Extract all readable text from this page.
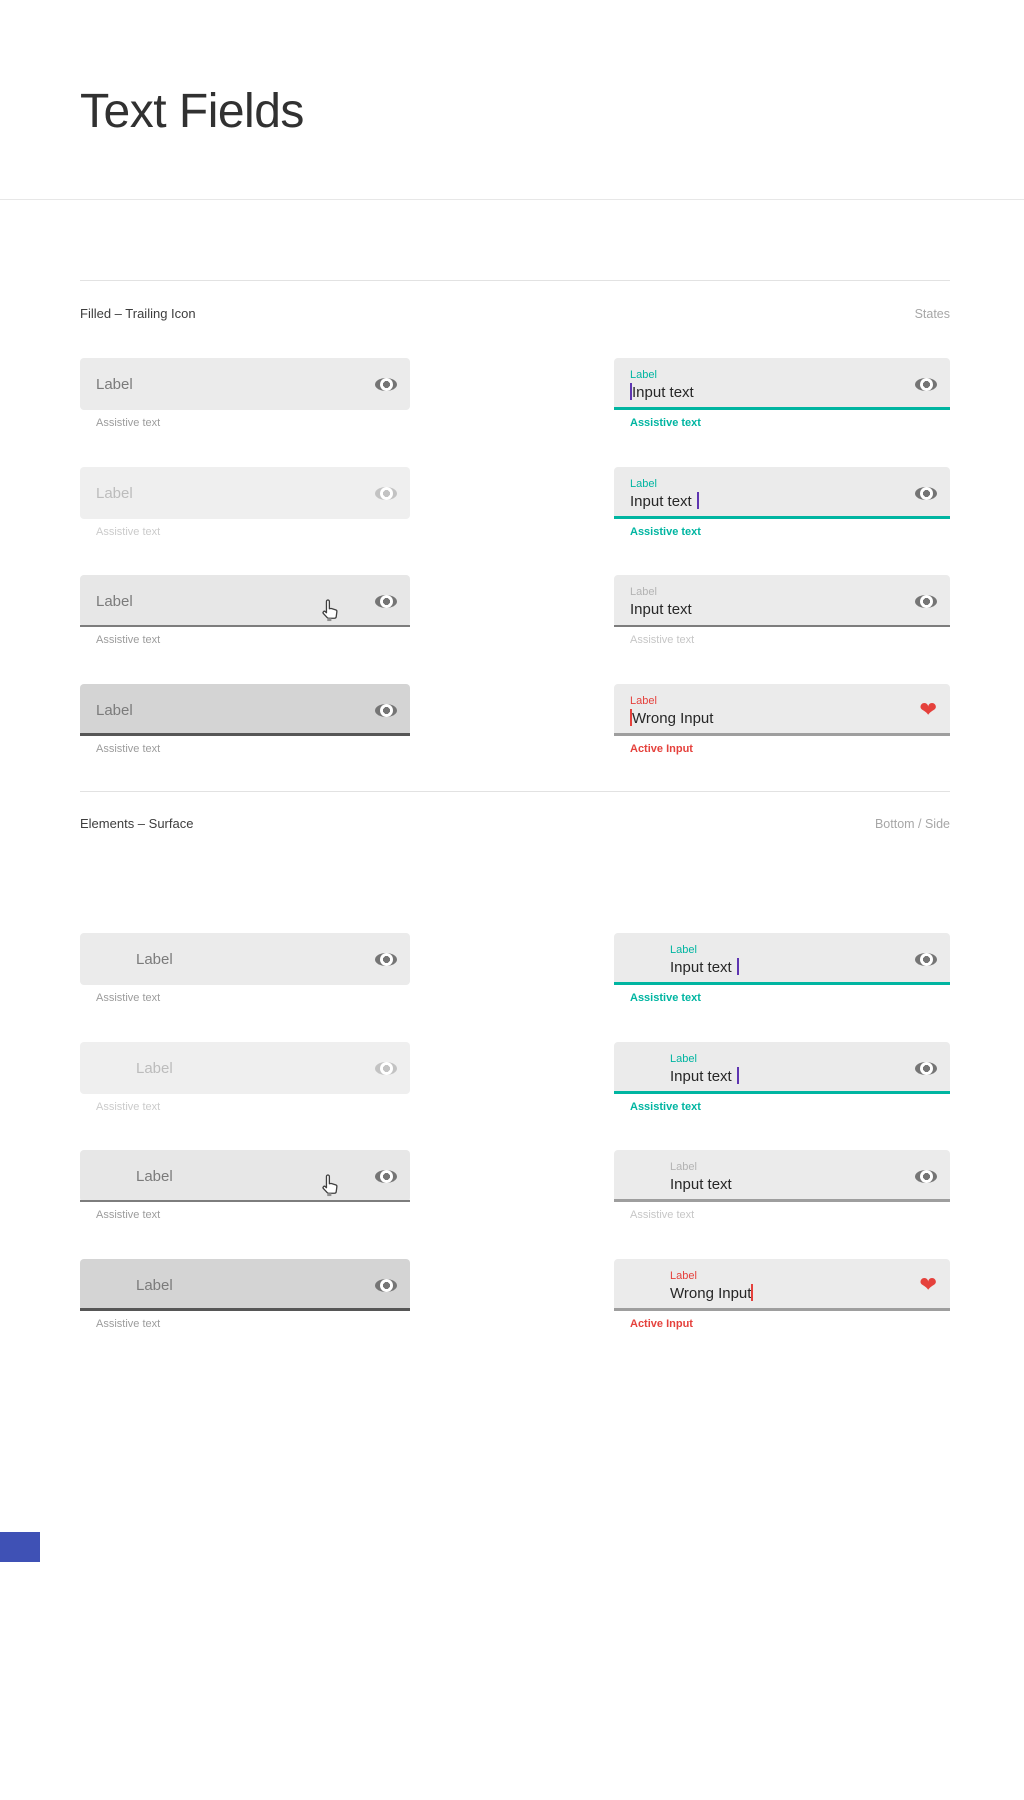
Text Fields
Filled – Trailing Icon	States
Label
Assistive text
Label
Input text
Assistive text
Label
Assistive text
Label
Input text
Assistive text
Label
Assistive text
Label
Input text
Assistive text
Label
Assistive text
Label
Wrong Input	❤
Active Input
Elements – Surface	Bottom / Side
Label
Assistive text
Label
Input text
Assistive text
Label
Assistive text
Label
Input text
Assistive text
Label
Assistive text
Label
Input text
Assistive text
Label
Assistive text
Label
Wrong Input	❤
Active Input
